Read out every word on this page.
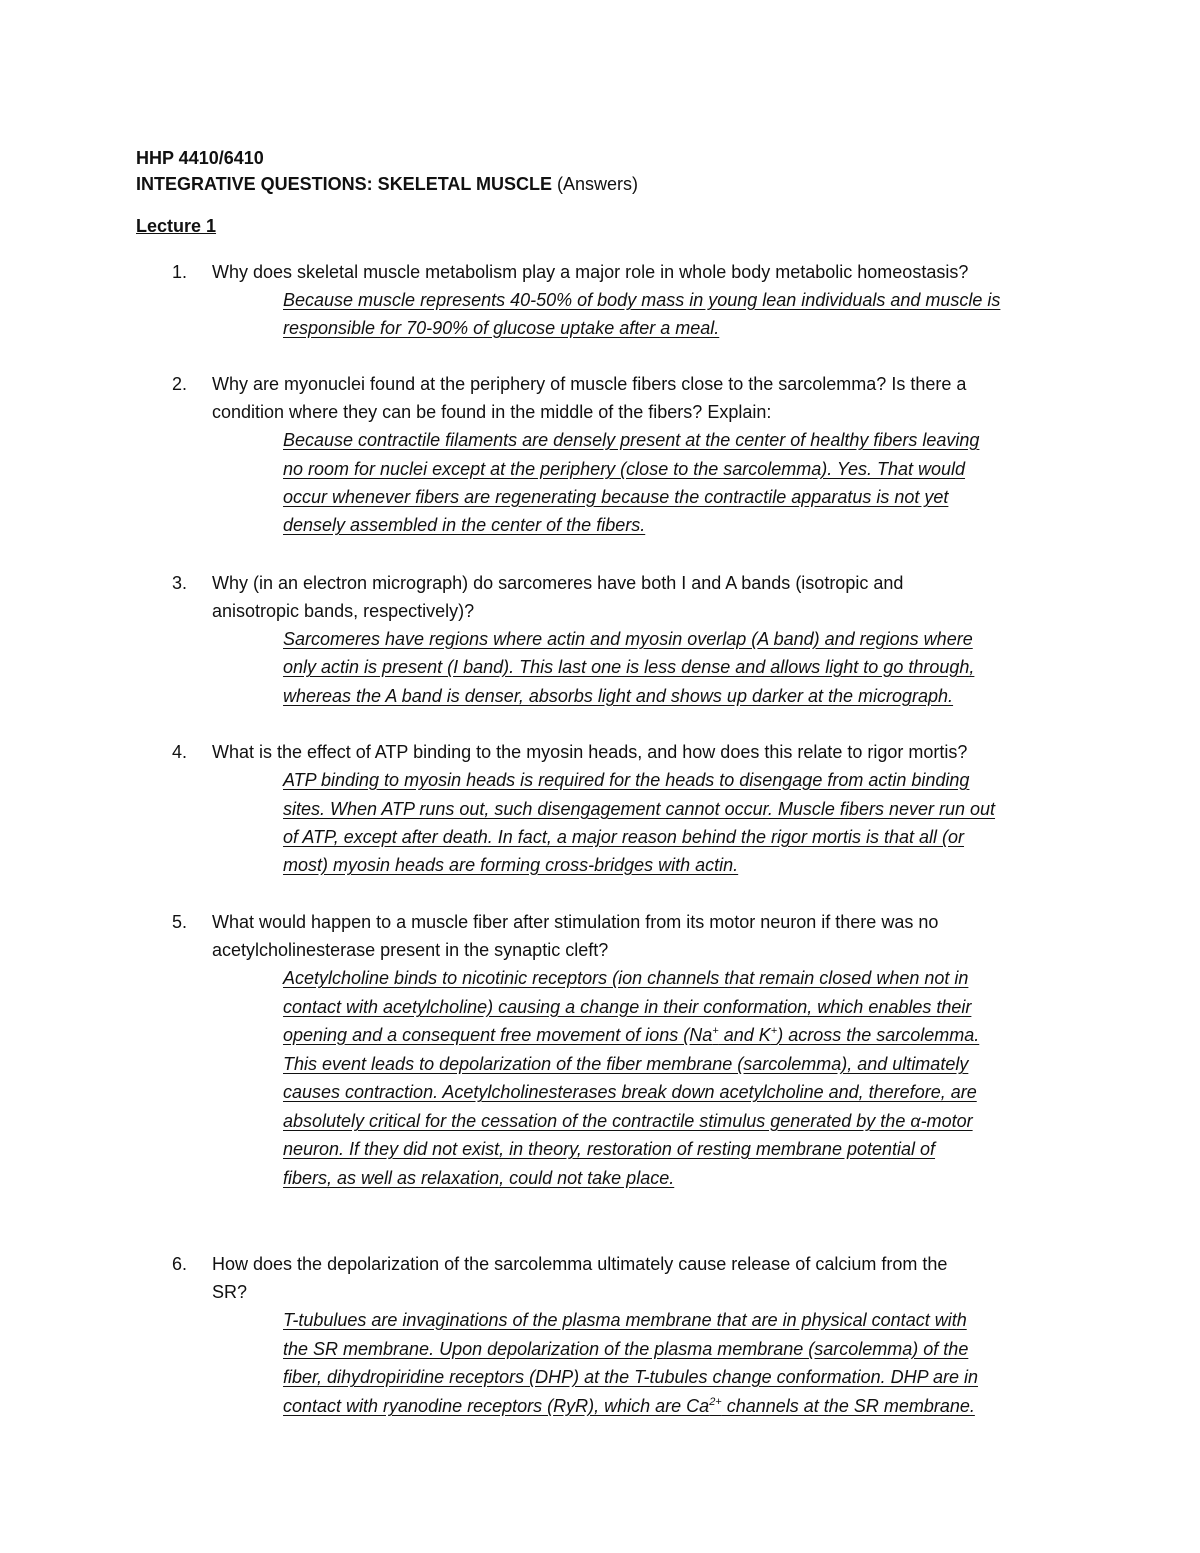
HHP 4410/6410
INTEGRATIVE QUESTIONS: SKELETAL MUSCLE (Answers)
Lecture 1
1. Why does skeletal muscle metabolism play a major role in whole body metabolic homeostasis?
Because muscle represents 40-50% of body mass in young lean individuals and muscle is
responsible for 70-90% of glucose uptake after a meal.
2. Why are myonuclei found at the periphery of muscle fibers close to the sarcolemma? Is there a
condition where they can be found in the middle of the fibers? Explain:
Because contractile filaments are densely present at the center of healthy fibers leaving
no room for nuclei except at the periphery (close to the sarcolemma). Yes. That would
occur whenever fibers are regenerating because the contractile apparatus is not yet
densely assembled in the center of the fibers.
3. Why (in an electron micrograph) do sarcomeres have both I and A bands (isotropic and
anisotropic bands, respectively)?
Sarcomeres have regions where actin and myosin overlap (A band) and regions where
only actin is present (I band). This last one is less dense and allows light to go through,
whereas the A band is denser, absorbs light and shows up darker at the micrograph.
4. What is the effect of ATP binding to the myosin heads, and how does this relate to rigor mortis?
ATP binding to myosin heads is required for the heads to disengage from actin binding
sites. When ATP runs out, such disengagement cannot occur. Muscle fibers never run out
of ATP, except after death. In fact, a major reason behind the rigor mortis is that all (or
most) myosin heads are forming cross-bridges with actin.
5. What would happen to a muscle fiber after stimulation from its motor neuron if there was no
acetylcholinesterase present in the synaptic cleft?
Acetylcholine binds to nicotinic receptors (ion channels that remain closed when not in
contact with acetylcholine) causing a change in their conformation, which enables their
opening and a consequent free movement of ions (Na+ and K+) across the sarcolemma.
This event leads to depolarization of the fiber membrane (sarcolemma), and ultimately
causes contraction. Acetylcholinesterases break down acetylcholine and, therefore, are
absolutely critical for the cessation of the contractile stimulus generated by the α-motor
neuron. If they did not exist, in theory, restoration of resting membrane potential of
fibers, as well as relaxation, could not take place.
6. How does the depolarization of the sarcolemma ultimately cause release of calcium from the
SR?
T-tubulues are invaginations of the plasma membrane that are in physical contact with
the SR membrane. Upon depolarization of the plasma membrane (sarcolemma) of the
fiber, dihydropiridine receptors (DHP) at the T-tubules change conformation. DHP are in
contact with ryanodine receptors (RyR), which are $Ca^{2+}$ channels at the SR membrane.
